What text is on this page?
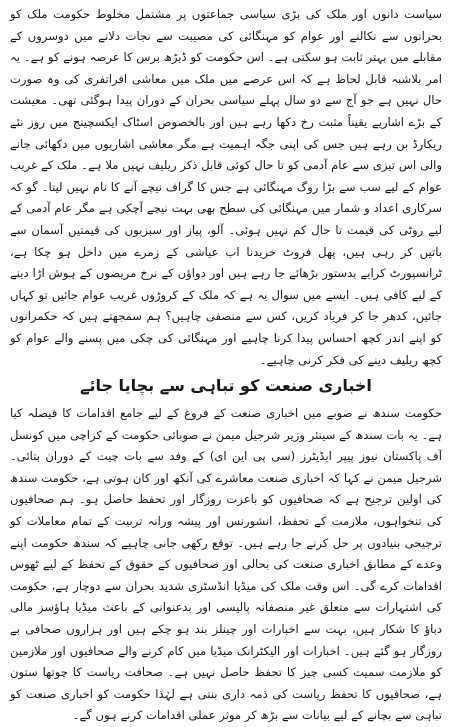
سیاست دانوں اور ملک کی بڑی سیاسی جماعتوں پر مشتمل مخلوط حکومت ملک کو بحرانوں سے نکالنے اور عوام کو مہنگائی کی مصیبت سے نجات دلانے میں دوسروں کے مقابلے میں بہتر ثابت ہو سکتی ہے۔ اس حکومت کو ڈیڑھ برس کا عرصہ ہونے کو ہے۔ یہ امر بلاشبہ قابل لحاظ ہے کہ اس عرصے میں ملک میں معاشی افراتفری کی وہ صورت حال نہیں ہے جو آج سے دو سال پہلے سیاسی بحران کے دوران پیدا ہوگئی تھی۔ معیشت کے بڑے اشاریے یقیناً مثبت رخ دکھا رہے ہیں اور بالخصوص اسٹاک ایکسچینج میں روز نئے ریکارڈ بن رہے ہیں جس کی اپنی جگہ اہمیت ہے مگر معاشی اشاریوں میں دکھائی جانے والی اس تیزی سے عام آدمی کو تا حال کوئی قابل ذکر ریلیف نہیں ملا ہے۔ ملک کے غریب عوام کے لیے سب سے بڑا روگ مہنگائی ہے جس کا گراف نیچے آنے کا نام نہیں لیتا۔ گو کہ سرکاری اعداد و شمار میں مہنگائی کی سطح بھی بہت نیچے آچکی ہے مگر عام آدمی کے لیے روٹی کی قیمت تا حال کم نہیں ہوئی۔ آلو، پیاز اور سبزیوں کی قیمتیں آسمان سے باتیں کر رہی ہیں، پھل فروٹ خریدنا اب عیاشی کے زمرے میں داخل ہو چکا ہے، ٹرانسپورٹ کرایے بدستور بڑھائے جا رہے ہیں اور دواؤں کے نرخ مریضوں کے ہوش اڑا دینے کے لیے کافی ہیں۔ ایسے میں سوال یہ ہے کہ ملک کے کروڑوں غریب عوام جائیں تو کہاں جائیں، کدھر جا کر فریاد کریں، کس سے منصفی چاہیں؟ ہم سمجھتے ہیں کہ حکمرانوں کو اپنے اندر کچھ احساس پیدا کرنا چاہیے اور مہنگائی کی چکی میں پسنے والے عوام کو کچھ ریلیف دینے کی فکر کرنی چاہیے۔

اخباری صنعت کو تباہی سے بچایا جائے

حکومت سندھ نے صوبے میں اخباری صنعت کے فروغ کے لیے جامع اقدامات کا فیصلہ کیا ہے۔ یہ بات سندھ کے سینئر وزیر شرجیل میمن نے صوبائی حکومت کے کراچی میں کونسل آف پاکستان نیوز پیپر ایڈیٹرز (سی پی این ای) کے وفد سے بات چیت کے دوران بتائی۔ شرجیل میمن نے کہا کہ اخباری صنعت معاشرے کی آنکھ اور کان ہوتی ہے، حکومت سندھ کی اولین ترجیح ہے کہ صحافیوں کو باعزت روزگار اور تحفظ حاصل ہو۔ ہم صحافیوں کی تنخواہوں، ملازمت کے تحفظ، انشورنس اور پیشہ ورانہ تربیت کے تمام معاملات کو ترجیحی بنیادوں پر حل کرنے جا رہے ہیں۔ توقع رکھی جانی چاہیے کہ سندھ حکومت اپنے وعدے کے مطابق اخباری صنعت کی بحالی اور صحافیوں کے حقوق کے تحفظ کے لیے ٹھوس اقدامات کرے گی۔ اس وقت ملک کی میڈیا انڈسٹری شدید بحران سے دوچار ہے، حکومت کی اشتہارات سے متعلق غیر منصفانہ پالیسی اور بدعنوانی کے باعث میڈیا ہاؤسز مالی دباؤ کا شکار ہیں، بہت سے اخبارات اور چینلز بند ہو چکے ہیں اور ہزاروں صحافی بے روزگار ہو گئے ہیں۔ اخبارات اور الیکٹرانک میڈیا میں کام کرنے والے صحافیوں اور ملازمین کو ملازمت سمیت کسی چیز کا تحفظ حاصل نہیں ہے۔ صحافت ریاست کا چوتھا ستون ہے، صحافیوں کا تحفظ ریاست کی ذمہ داری بنتی ہے لہٰذا حکومت کو اخباری صنعت کو تباہی سے بچانے کے لیے بیانات سے بڑھ کر موثر عملی اقدامات کرنے ہوں گے۔
